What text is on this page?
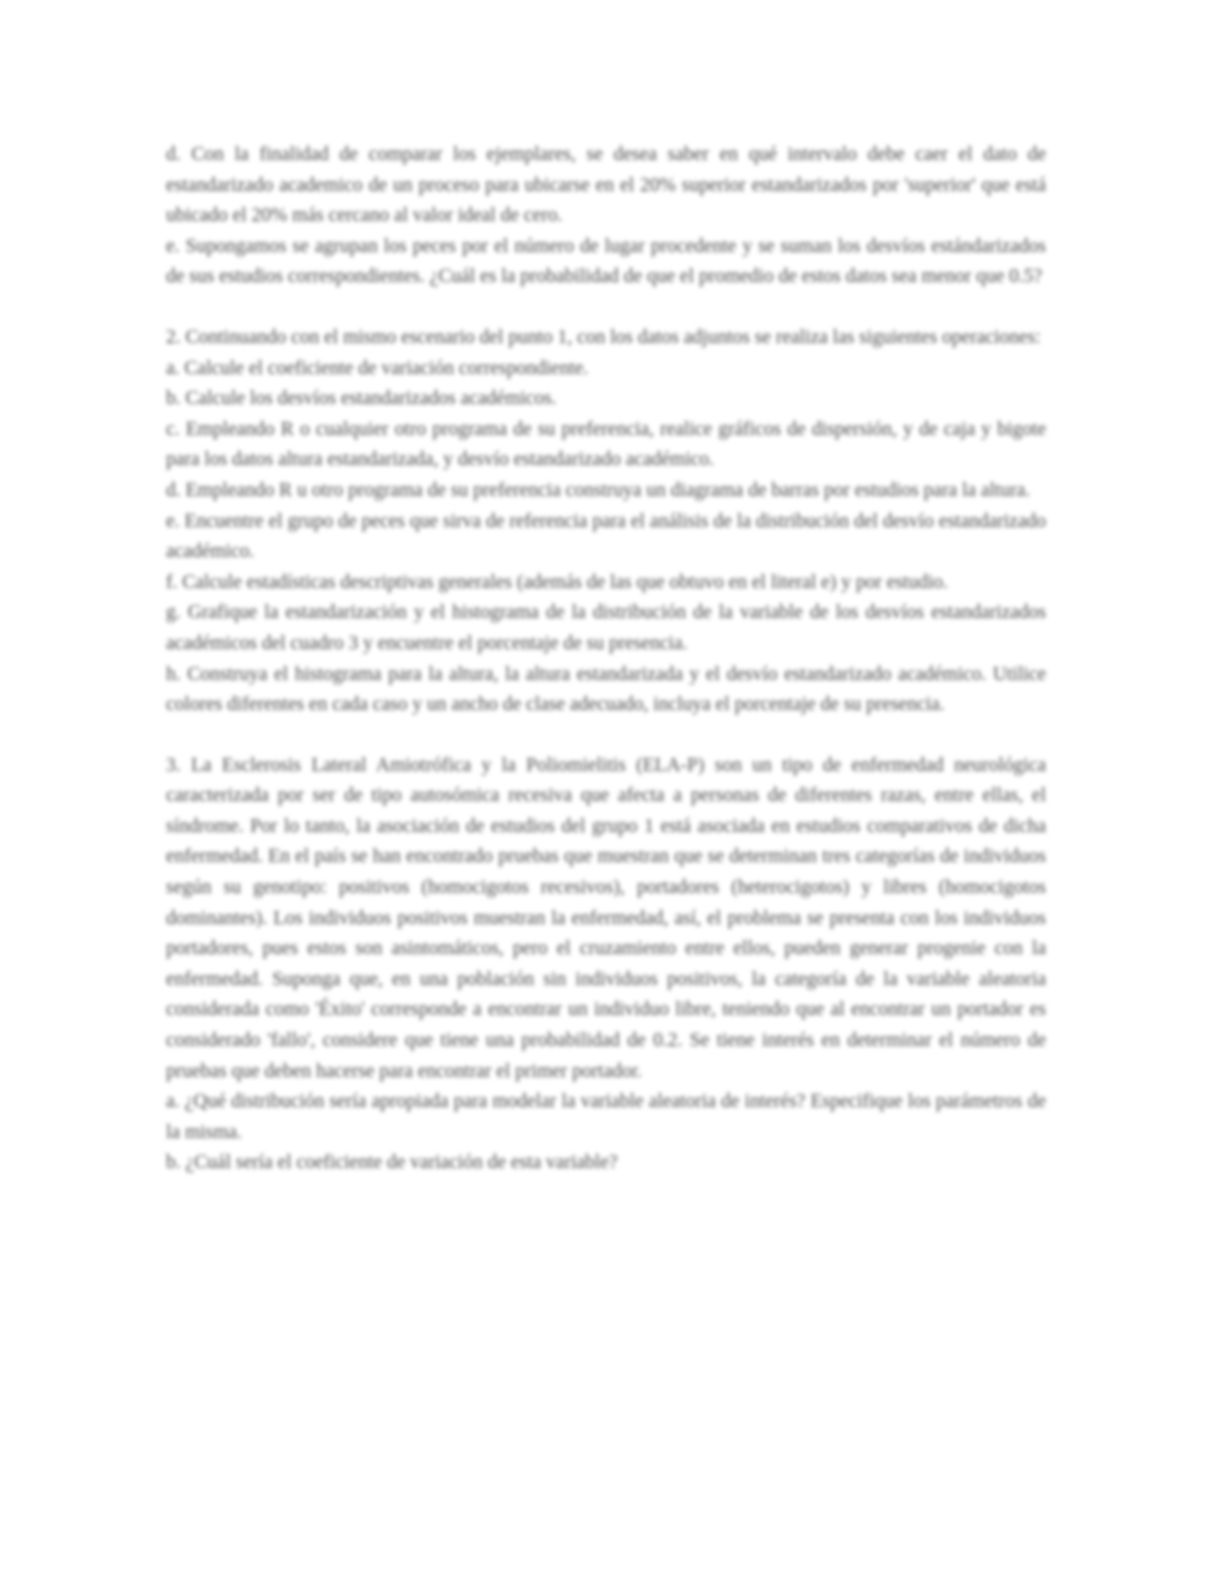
d. Con la finalidad de comparar los ejemplares, se desea saber en qué intervalo debe caer el dato de estandarizado academico de un proceso para ubicarse en el 20% superior estandarizados por 'superior' que está ubicado el 20% más cercano al valor ideal de cero.
e. Supongamos se agrupan los peces por el número de lugar procedente y se suman los desvíos estándarizados de sus estudios correspondientes. ¿Cuál es la probabilidad de que el promedio de estos datos sea menor que 0.5?
2. Continuando con el mismo escenario del punto 1, con los datos adjuntos se realiza las siguientes operaciones:
a. Calcule el coeficiente de variación correspondiente.
b. Calcule los desvíos estandarizados académicos.
c. Empleando R o cualquier otro programa de su preferencia, realice gráficos de dispersión, y de caja y bigote para los datos altura estandarizada, y desvío estandarizado académico.
d. Empleando R u otro programa de su preferencia construya un diagrama de barras por estudios para la altura.
e. Encuentre el grupo de peces que sirva de referencia para el análisis de la distribución del desvío estandarizado académico.
f. Calcule estadísticas descriptivas generales (además de las que obtuvo en el literal e) y por estudio.
g. Grafique la estandarización y el histograma de la distribución de la variable de los desvíos estandarizados académicos del cuadro 3 y encuentre el porcentaje de su presencia.
h. Construya el histograma para la altura, la altura estandarizada y el desvío estandarizado académico. Utilice colores diferentes en cada caso y un ancho de clase adecuado, incluya el porcentaje de su presencia.
3. La Esclerosis Lateral Amiotrófica y la Poliomielitis (ELA-P) son un tipo de enfermedad neurológica caracterizada por ser de tipo autosómica recesiva que afecta a personas de diferentes razas, entre ellas, el síndrome. Por lo tanto, la asociación de estudios del grupo 1 está asociada en estudios comparativos de dicha enfermedad. En el país se han encontrado pruebas que muestran que se determinan tres categorías de individuos según su genotipo: positivos (homocigotos recesivos), portadores (heterocigotos) y libres (homocigotos dominantes). Los individuos positivos muestran la enfermedad, así, el problema se presenta con los individuos portadores, pues estos son asintomáticos, pero el cruzamiento entre ellos, pueden generar progenie con la enfermedad. Suponga que, en una población sin individuos positivos, la categoría de la variable aleatoria considerada como 'Éxito' corresponde a encontrar un individuo libre, teniendo que al encontrar un portador es considerado 'fallo', considere que tiene una probabilidad de 0.2. Se tiene interés en determinar el número de pruebas que deben hacerse para encontrar el primer portador.
a. ¿Qué distribución sería apropiada para modelar la variable aleatoria de interés? Especifique los parámetros de la misma.
b. ¿Cuál sería el coeficiente de variación de esta variable?
